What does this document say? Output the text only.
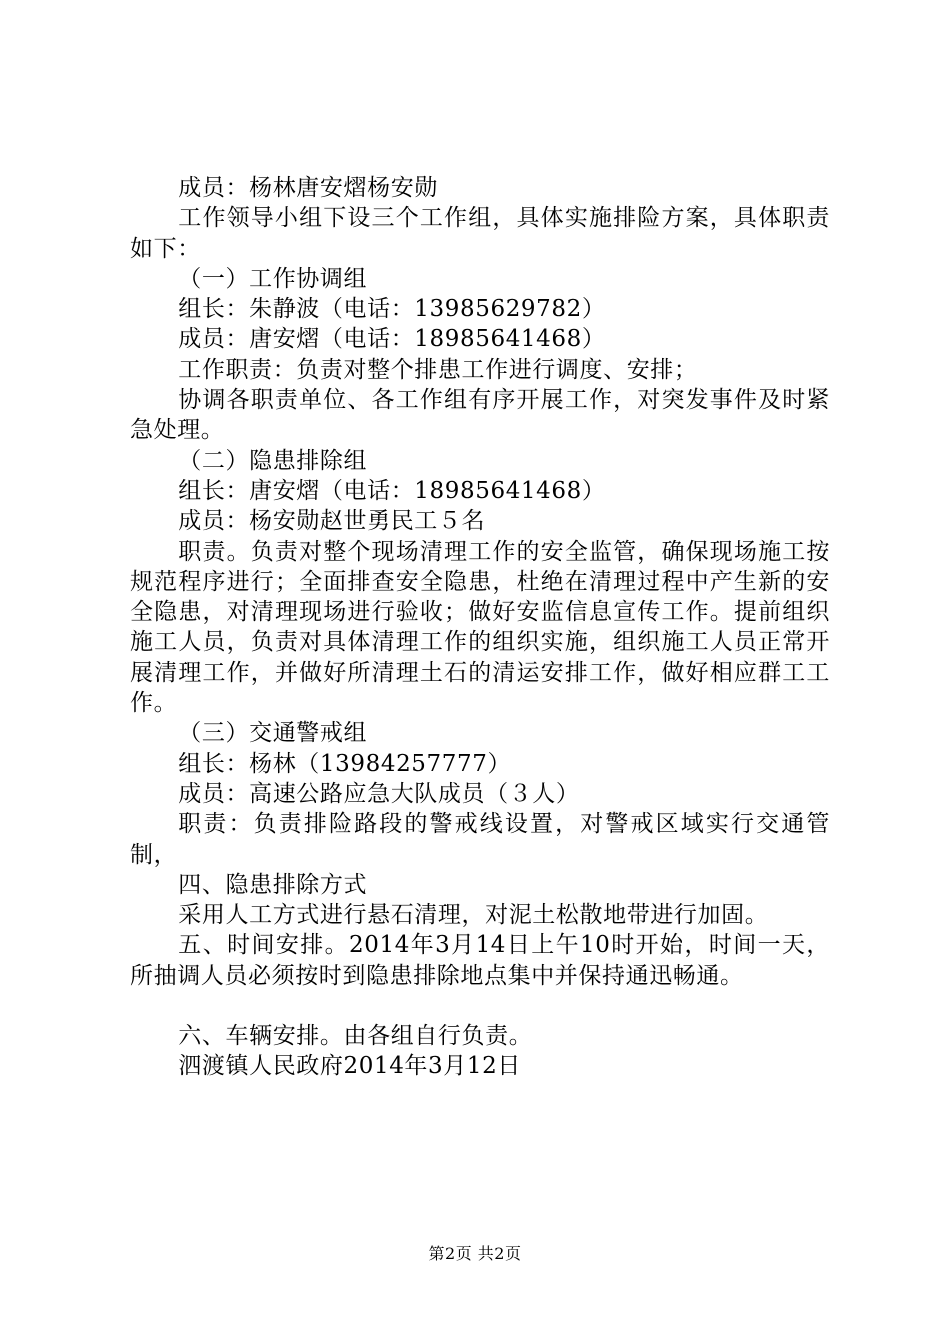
成员：杨林唐安熠杨安勋

工作领导小组下设三个工作组，具体实施排险方案，具体职责如下：

（一）工作协调组

组长：朱静波（电话：13985629782）

成员：唐安熠（电话：18985641468）

工作职责：负责对整个排患工作进行调度、安排；

协调各职责单位、各工作组有序开展工作，对突发事件及时紧急处理。

（二）隐患排除组

组长：唐安熠（电话：18985641468）

成员：杨安勋赵世勇民工５名

职责。负责对整个现场清理工作的安全监管，确保现场施工按规范程序进行；全面排查安全隐患，杜绝在清理过程中产生新的安全隐患，对清理现场进行验收；做好安监信息宣传工作。提前组织施工人员，负责对具体清理工作的组织实施，组织施工人员正常开展清理工作，并做好所清理土石的清运安排工作，做好相应群工工作。

（三）交通警戒组

组长：杨林（13984257777）

成员：高速公路应急大队成员（３人）

职责：负责排险路段的警戒线设置，对警戒区域实行交通管制，

四、隐患排除方式

采用人工方式进行悬石清理，对泥土松散地带进行加固。

五、时间安排。2014年3月14日上午10时开始，时间一天，所抽调人员必须按时到隐患排除地点集中并保持通迅畅通。

六、车辆安排。由各组自行负责。

泗渡镇人民政府2014年3月12日

第2页 共2页
